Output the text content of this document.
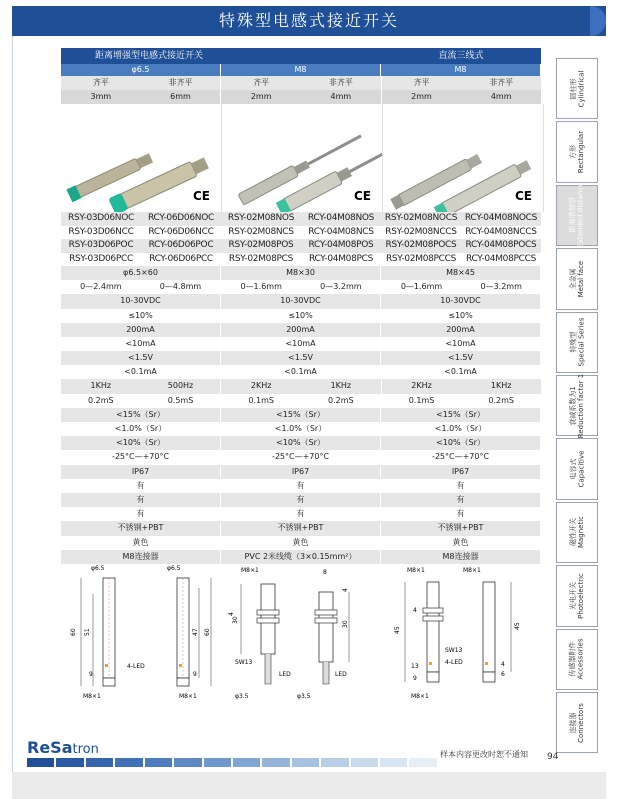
特殊型电感式接近开关
距离增强型电感式接近开关	直流三线式
φ6.5	M8	M8
齐平	非齐平	齐平	非齐平	齐平	非齐平
3mm	6mm	2mm	4mm	2mm	4mm
CE	CE	CE
RSY-03D06NOC	RCY-06D06NOC	RSY-02M08NOS	RCY-04M08NOS	RSY-02M08NOCS RCY-04M08NOCS
RSY-03D06NCC	RCY-06D06NCC	RSY-02M08NCS	RCY-04M08NCS	RSY-02M08NCCS RCY-04M08NCCS
RSY-03D06POC	RCY-06D06POC	RSY-02M08POS	RCY-04M08POS	RSY-02M08POCS	RCY-04M08POCS
RSY-03D06PCC	RCY-06D06PCC	RSY-02M08PCS	RCY-04M08PCS	RSY-02M08PCCS	RCY-04M08PCCS
φ6.5×60	M8×30	M8×45
0—2.4mm	0—4.8mm	0—1.6mm	0—3.2mm	0—1.6mm	0—3.2mm
10-30VDC	10-30VDC	10-30VDC
≤10%	≤10%	≤10%
200mA	200mA	200mA
<10mA	<10mA	<10mA
<1.5V	<1.5V	<1.5V
<0.1mA	<0.1mA	<0.1mA
1KHz	500Hz	2KHz	1KHz	2KHz	1KHz
0.2mS	0.5mS	0.1mS	0.2mS	0.1mS	0.2mS
<15%（Sr）	<15%（Sr）	<15%（Sr）
<1.0%（Sr）	<1.0%（Sr）	<1.0%（Sr）
<10%（Sr）	<10%（Sr）	<10%（Sr）
-25°C—+70°C	-25°C—+70°C	-25°C—+70°C
IP67	IP67	IP67
有	有	有
有	有	有
有	有	有
不锈钢+PBT	不锈钢+PBT	不锈钢+PBT
黄色	黄色	黄色
M8连接器	PVC 2米线缆（3×0.15mm²）	M8连接器
φ6.5	φ6.5
60 51	47 60
9	9
4-LED
M8×1	M8×1
M8×1
4
30
30
4
8
SW13
LED	LED
φ3.5	φ3.5
M8×1	M8×1
45
45
4
4
13
6
9
SW13
4-LED
M8×1
圆柱形 Cylindrical
方形 Rectangular
距离增强型 Extended distance
全金属 Metal face
特殊型 Special Series
衰减系数为1 Reduction factor 1
电容式 Capacitive
磁性开关 Magnetic
光电开关 Photoelectric
传感器附件 Accessories
连接器 Connectors
ReSatron	样本内容更改时恕不通知 94
